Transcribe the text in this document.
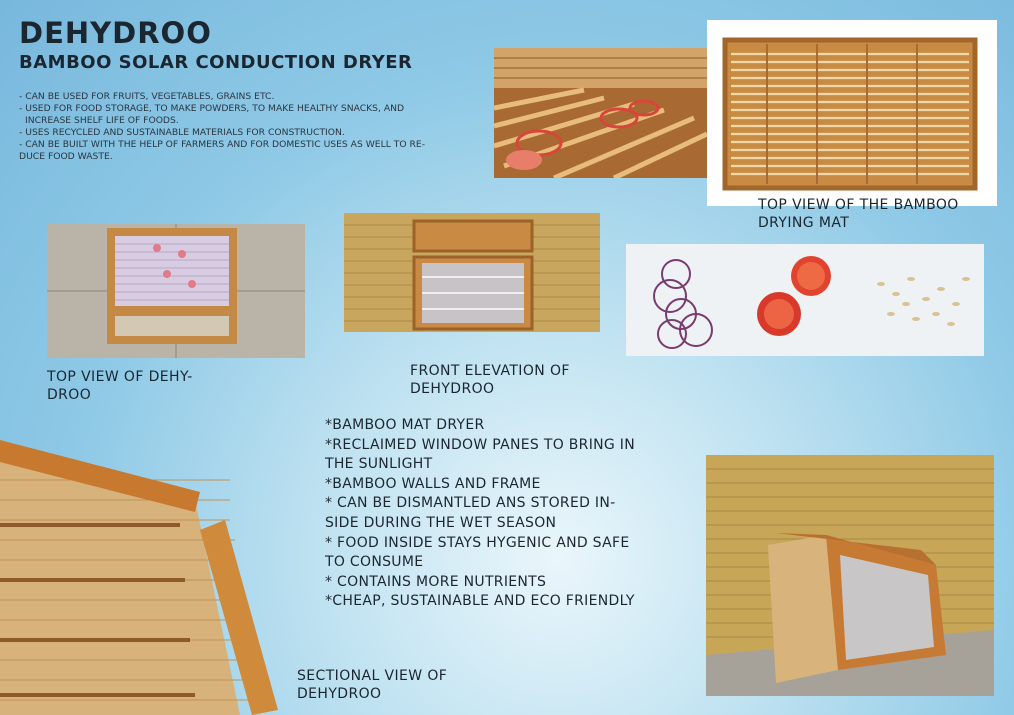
DEHYDROO
BAMBOO SOLAR CONDUCTION DRYER
- CAN BE USED FOR FRUITS, VEGETABLES, GRAINS ETC.
- USED FOR FOOD STORAGE, TO MAKE POWDERS, TO MAKE HEALTHY SNACKS, AND
INCREASE SHELF LIFE OF FOODS.
- USES RECYCLED AND SUSTAINABLE MATERIALS FOR CONSTRUCTION.
- CAN BE BUILT WITH THE HELP OF FARMERS AND FOR DOMESTIC USES AS WELL TO RE-
DUCE FOOD WASTE.
TOP VIEW OF THE BAMBOO
DRYING MAT
TOP VIEW OF DEHY-
DROO
FRONT ELEVATION OF
DEHYDROO
*BAMBOO MAT DRYER
*RECLAIMED WINDOW PANES TO BRING IN
THE SUNLIGHT
*BAMBOO WALLS AND FRAME
* CAN BE DISMANTLED ANS STORED IN-
SIDE DURING THE WET SEASON
* FOOD INSIDE STAYS HYGENIC AND SAFE
TO CONSUME
* CONTAINS MORE NUTRIENTS
*CHEAP, SUSTAINABLE AND ECO FRIENDLY
SECTIONAL VIEW OF
DEHYDROO
